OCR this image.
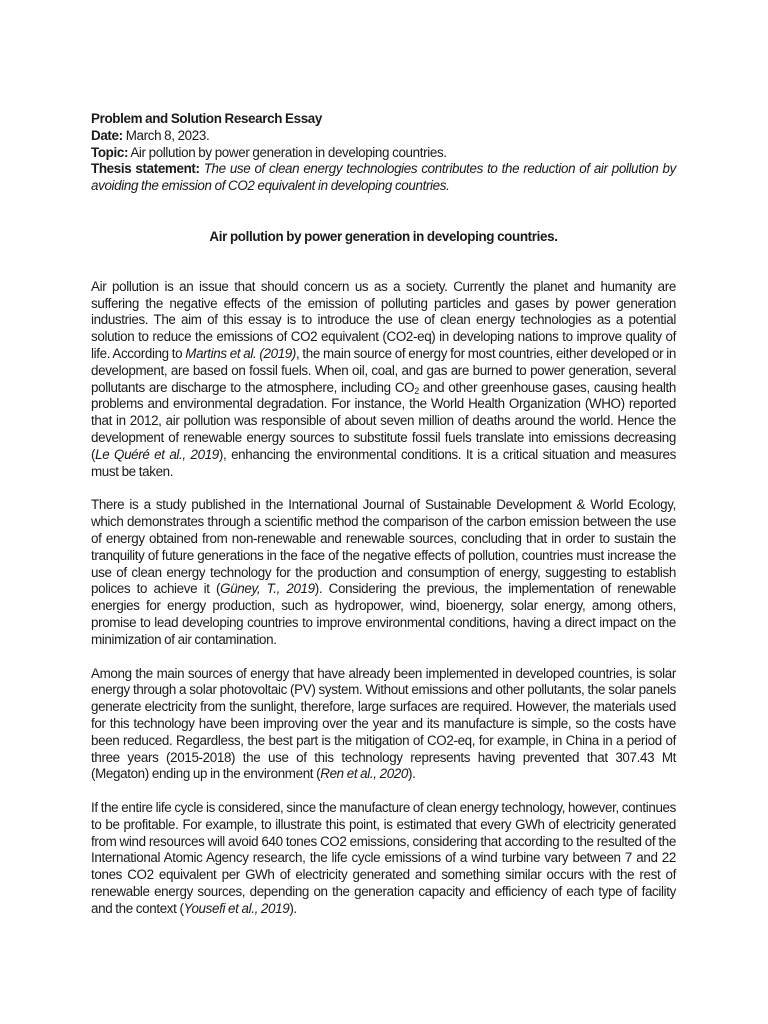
Problem and Solution Research Essay

Date: March 8, 2023.

Topic: Air pollution by power generation in developing countries.

Thesis statement: The use of clean energy technologies contributes to the reduction of air pollution by avoiding the emission of CO2 equivalent in developing countries.

Air pollution by power generation in developing countries.

Air pollution is an issue that should concern us as a society. Currently the planet and humanity are suffering the negative effects of the emission of polluting particles and gases by power generation industries. The aim of this essay is to introduce the use of clean energy technologies as a potential solution to reduce the emissions of CO2 equivalent (CO2-eq) in developing nations to improve quality of life. According to Martins et al. (2019), the main source of energy for most countries, either developed or in development, are based on fossil fuels. When oil, coal, and gas are burned to power generation, several pollutants are discharge to the atmosphere, including $CO_2$ and other greenhouse gases, causing health problems and environmental degradation. For instance, the World Health Organization (WHO) reported that in 2012, air pollution was responsible of about seven million of deaths around the world. Hence the development of renewable energy sources to substitute fossil fuels translate into emissions decreasing (Le Quéré et al., 2019), enhancing the environmental conditions. It is a critical situation and measures must be taken.

There is a study published in the International Journal of Sustainable Development & World Ecology, which demonstrates through a scientific method the comparison of the carbon emission between the use of energy obtained from non-renewable and renewable sources, concluding that in order to sustain the tranquility of future generations in the face of the negative effects of pollution, countries must increase the use of clean energy technology for the production and consumption of energy, suggesting to establish polices to achieve it (Güney, T., 2019). Considering the previous, the implementation of renewable energies for energy production, such as hydropower, wind, bioenergy, solar energy, among others, promise to lead developing countries to improve environmental conditions, having a direct impact on the minimization of air contamination.

Among the main sources of energy that have already been implemented in developed countries, is solar energy through a solar photovoltaic (PV) system. Without emissions and other pollutants, the solar panels generate electricity from the sunlight, therefore, large surfaces are required. However, the materials used for this technology have been improving over the year and its manufacture is simple, so the costs have been reduced. Regardless, the best part is the mitigation of CO2-eq, for example, in China in a period of three years (2015-2018) the use of this technology represents having prevented that 307.43 Mt (Megaton) ending up in the environment (Ren et al., 2020).

If the entire life cycle is considered, since the manufacture of clean energy technology, however, continues to be profitable. For example, to illustrate this point, is estimated that every GWh of electricity generated from wind resources will avoid 640 tones CO2 emissions, considering that according to the resulted of the International Atomic Agency research, the life cycle emissions of a wind turbine vary between 7 and 22 tones CO2 equivalent per GWh of electricity generated and something similar occurs with the rest of renewable energy sources, depending on the generation capacity and efficiency of each type of facility and the context (Yousefi et al., 2019).
